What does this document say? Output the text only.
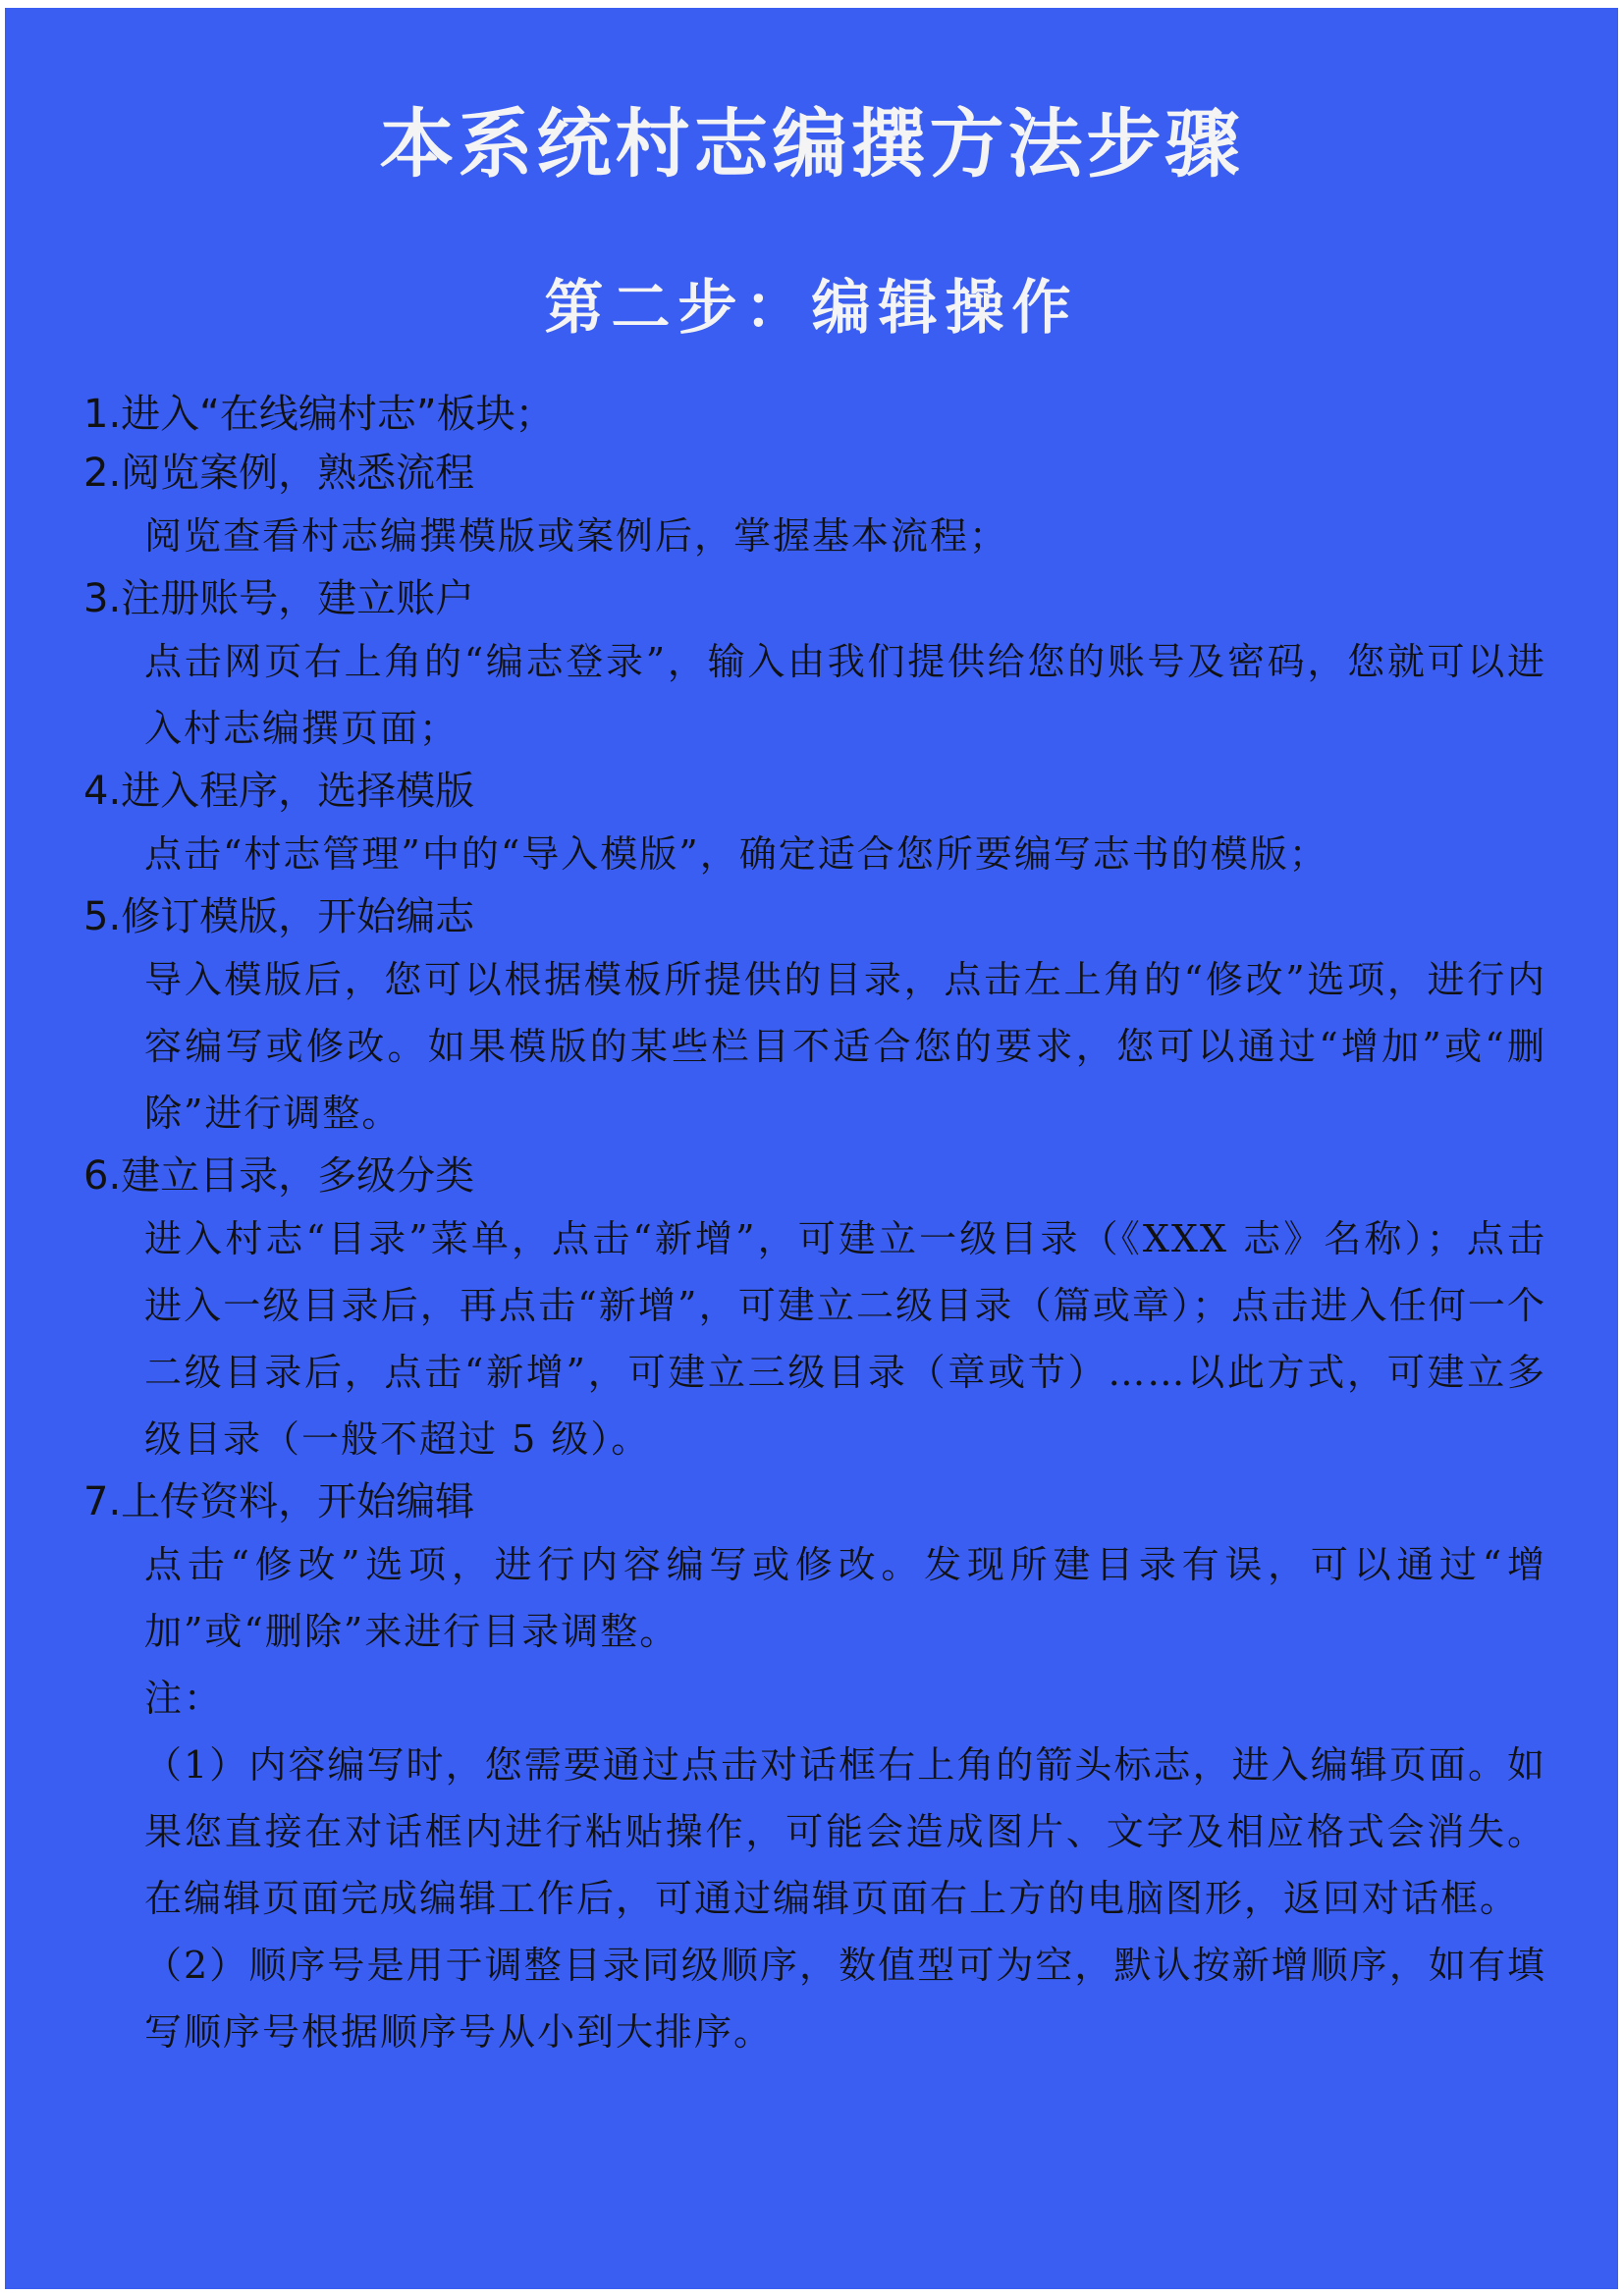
本系统村志编撰方法步骤
第二步：编辑操作
1.进入“在线编村志”板块；
2.阅览案例，熟悉流程
阅览查看村志编撰模版或案例后，掌握基本流程；
3.注册账号，建立账户
点击网页右上角的“编志登录”，输入由我们提供给您的账号及密码，您就可以进入村志编撰页面；
4.进入程序，选择模版
点击“村志管理”中的“导入模版”，确定适合您所要编写志书的模版；
5.修订模版，开始编志
导入模版后，您可以根据模板所提供的目录，点击左上角的“修改”选项，进行内容编写或修改。如果模版的某些栏目不适合您的要求，您可以通过“增加”或“删除”进行调整。
6.建立目录，多级分类
进入村志“目录”菜单，点击“新增”，可建立一级目录（《XXX 志》名称）；点击进入一级目录后，再点击“新增”，可建立二级目录（篇或章）；点击进入任何一个二级目录后，点击“新增”，可建立三级目录（章或节）……以此方式，可建立多级目录（一般不超过 5 级）。
7.上传资料，开始编辑
点击“修改”选项，进行内容编写或修改。发现所建目录有误，可以通过“增加”或“删除”来进行目录调整。
注：
（1）内容编写时，您需要通过点击对话框右上角的箭头标志，进入编辑页面。如果您直接在对话框内进行粘贴操作，可能会造成图片、文字及相应格式会消失。在编辑页面完成编辑工作后，可通过编辑页面右上方的电脑图形，返回对话框。
（2）顺序号是用于调整目录同级顺序，数值型可为空，默认按新增顺序，如有填写顺序号根据顺序号从小到大排序。
